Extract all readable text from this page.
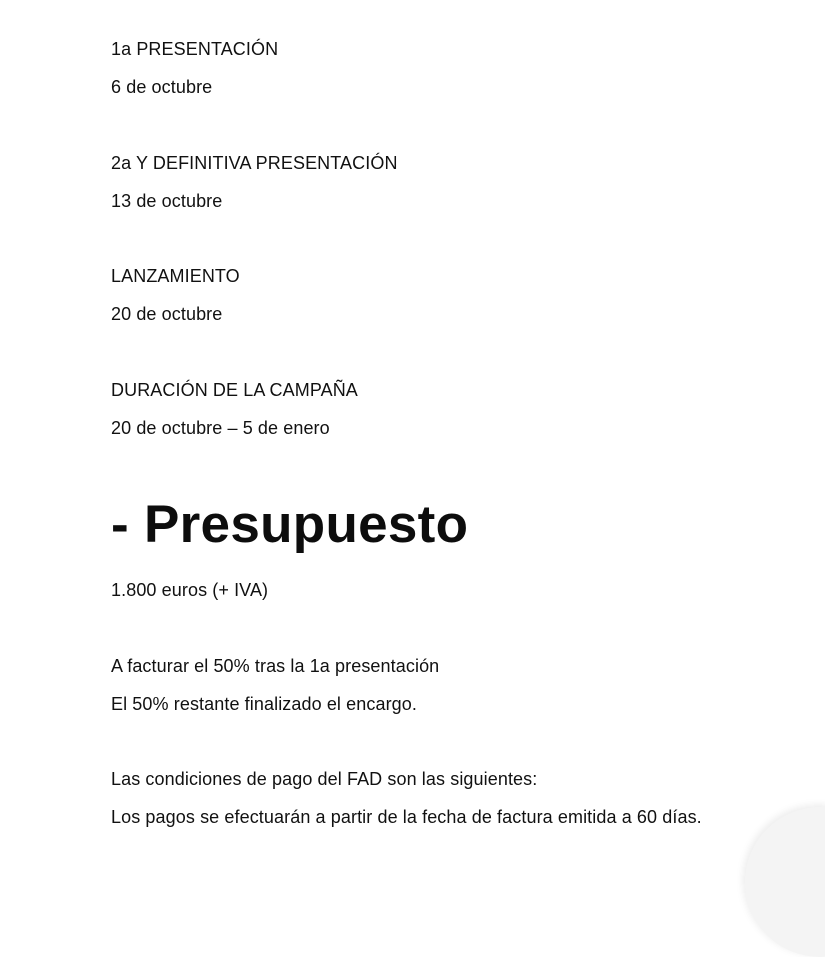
1a PRESENTACIÓN
6 de octubre
2a Y DEFINITIVA PRESENTACIÓN
13 de octubre
LANZAMIENTO
20 de octubre
DURACIÓN DE LA CAMPAÑA
20 de octubre – 5 de enero
- Presupuesto
1.800 euros (+ IVA)
A facturar el 50% tras la 1a presentación
El 50% restante finalizado el encargo.
Las condiciones de pago del FAD son las siguientes:
Los pagos se efectuarán a partir de la fecha de factura emitida a 60 días.
